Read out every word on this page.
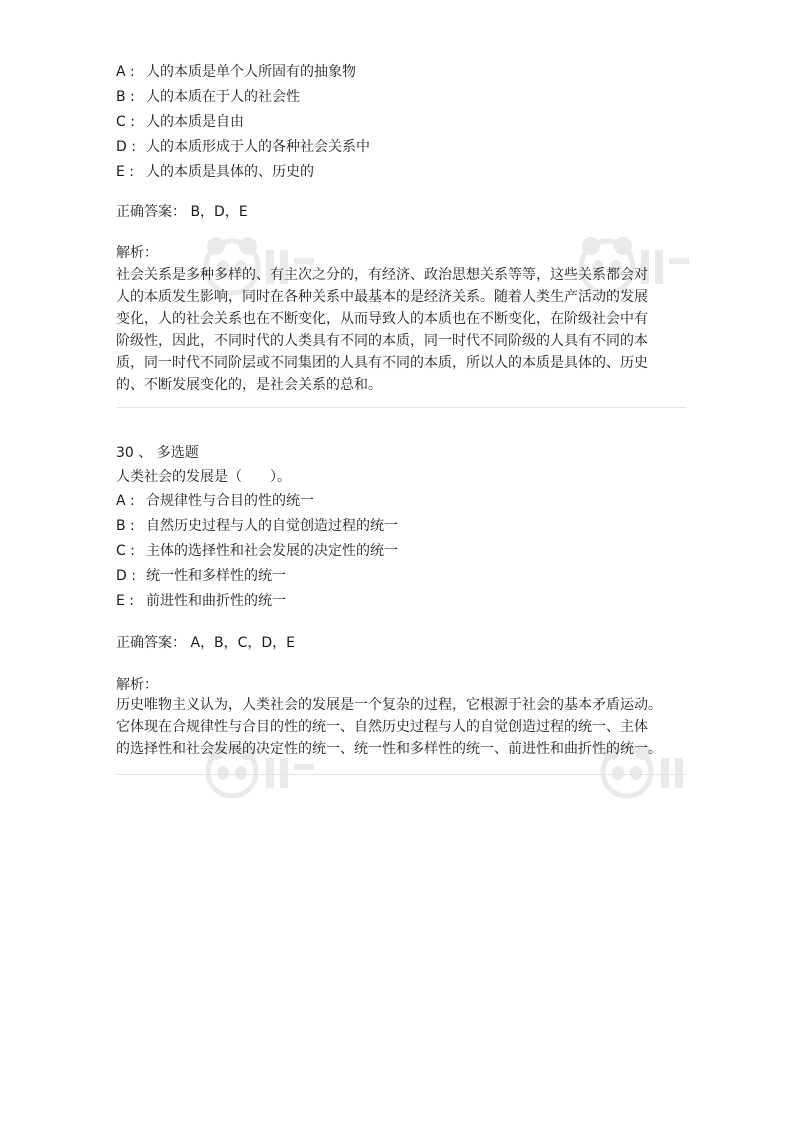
A : 人的本质是单个人所固有的抽象物
B : 人的本质在于人的社会性
C : 人的本质是自由
D : 人的本质形成于人的各种社会关系中
E : 人的本质是具体的、历史的
正确答案： B，D，E
解析：
社会关系是多种多样的、有主次之分的，有经济、政治思想关系等等，这些关系都会对
人的本质发生影响，同时在各种关系中最基本的是经济关系。随着人类生产活动的发展
变化，人的社会关系也在不断变化，从而导致人的本质也在不断变化，在阶级社会中有
阶级性，因此，不同时代的人类具有不同的本质，同一时代不同阶级的人具有不同的本
质，同一时代不同阶层或不同集团的人具有不同的本质，所以人的本质是具体的、历史
的、不断发展变化的，是社会关系的总和。
30 、 多选题
人类社会的发展是（　　）。
A : 合规律性与合目的性的统一
B : 自然历史过程与人的自觉创造过程的统一
C : 主体的选择性和社会发展的决定性的统一
D : 统一性和多样性的统一
E : 前进性和曲折性的统一
正确答案： A，B，C，D，E
解析：
历史唯物主义认为，人类社会的发展是一个复杂的过程，它根源于社会的基本矛盾运动。
它体现在合规律性与合目的性的统一、自然历史过程与人的自觉创造过程的统一、主体
的选择性和社会发展的决定性的统一、统一性和多样性的统一、前进性和曲折性的统一。
